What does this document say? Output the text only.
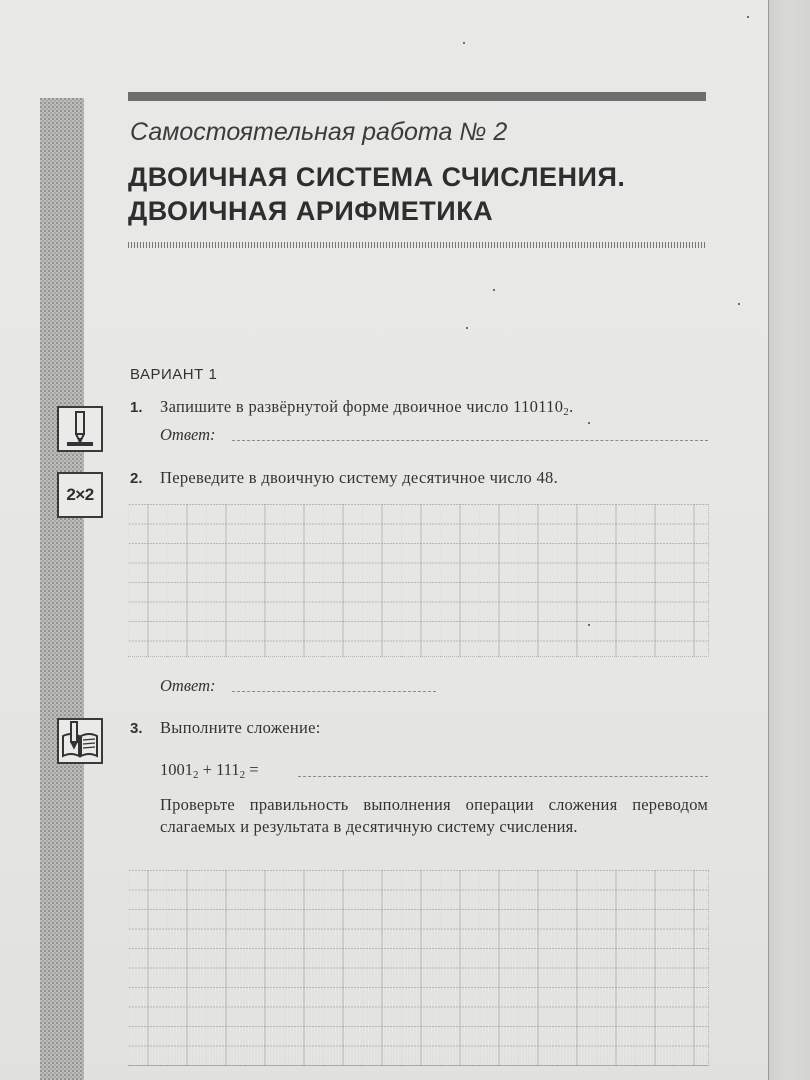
Самостоятельная работа № 2
ДВОИЧНАЯ СИСТЕМА СЧИСЛЕНИЯ.
ДВОИЧНАЯ АРИФМЕТИКА
ВАРИАНТ 1
1. Запишите в развёрнутой форме двоичное число $110110_2$.
Ответ:
2×2
2. Переведите в двоичную систему десятичное число 48.
Ответ:
3. Выполните сложение:
$1001_2 + 111_2$ =
Проверьте правильность выполнения операции сложения переводом слагаемых и результата в десятичную систему счисления.
